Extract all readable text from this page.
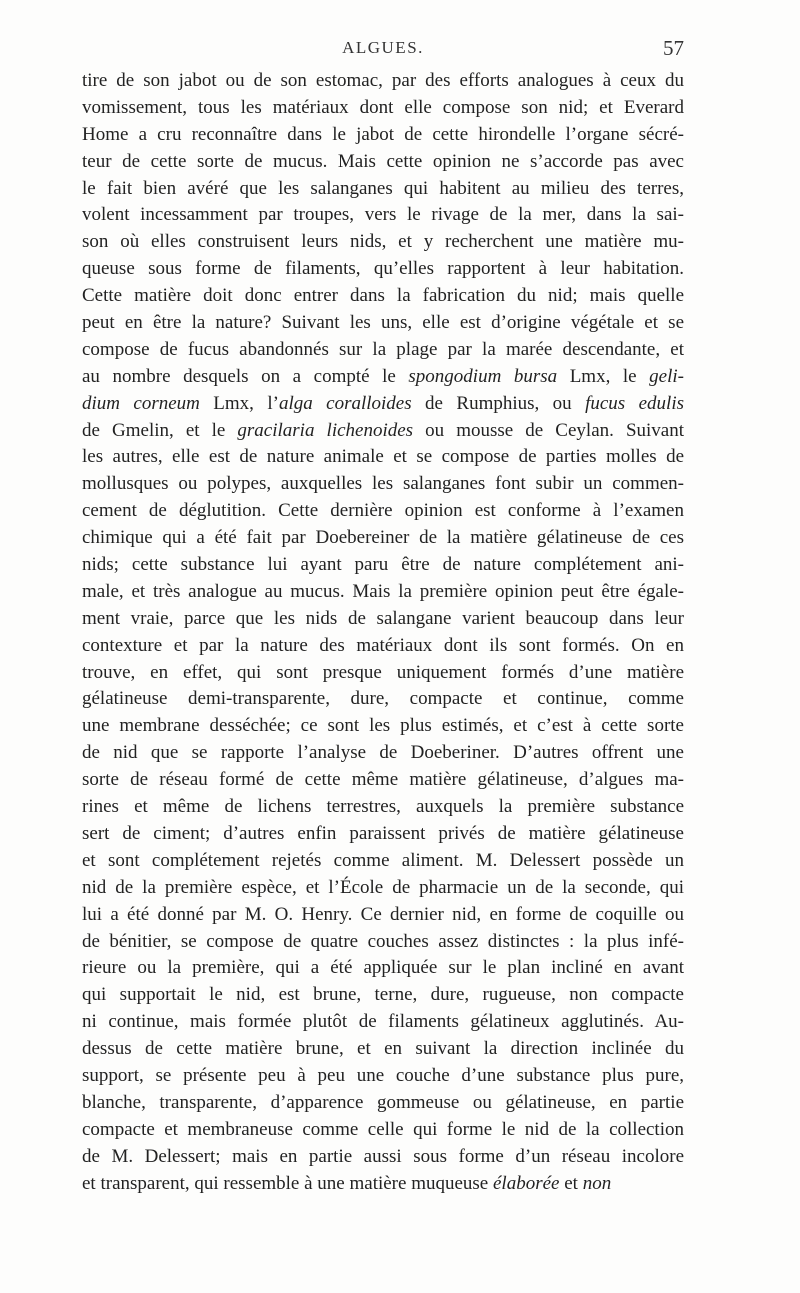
ALGUES.	57
tire de son jabot ou de son estomac, par des efforts analogues à ceux du
vomissement, tous les matériaux dont elle compose son nid; et Everard
Home a cru reconnaître dans le jabot de cette hirondelle l’organe sécré-
teur de cette sorte de mucus. Mais cette opinion ne s’accorde pas avec
le fait bien avéré que les salanganes qui habitent au milieu des terres,
volent incessamment par troupes, vers le rivage de la mer, dans la sai-
son où elles construisent leurs nids, et y recherchent une matière mu-
queuse sous forme de filaments, qu’elles rapportent à leur habitation.
Cette matière doit donc entrer dans la fabrication du nid; mais quelle
peut en être la nature? Suivant les uns, elle est d’origine végétale et se
compose de fucus abandonnés sur la plage par la marée descendante, et
au nombre desquels on a compté le spongodium bursa Lmx, le geli-
dium corneum Lmx, l’alga coralloides de Rumphius, ou fucus edulis
de Gmelin, et le gracilaria lichenoides ou mousse de Ceylan. Suivant
les autres, elle est de nature animale et se compose de parties molles de
mollusques ou polypes, auxquelles les salanganes font subir un commen-
cement de déglutition. Cette dernière opinion est conforme à l’examen
chimique qui a été fait par Doebereiner de la matière gélatineuse de ces
nids; cette substance lui ayant paru être de nature complétement ani-
male, et très analogue au mucus. Mais la première opinion peut être égale-
ment vraie, parce que les nids de salangane varient beaucoup dans leur
contexture et par la nature des matériaux dont ils sont formés. On en
trouve, en effet, qui sont presque uniquement formés d’une matière
gélatineuse demi-transparente, dure, compacte et continue, comme
une membrane desséchée; ce sont les plus estimés, et c’est à cette sorte
de nid que se rapporte l’analyse de Doeberiner. D’autres offrent une
sorte de réseau formé de cette même matière gélatineuse, d’algues ma-
rines et même de lichens terrestres, auxquels la première substance
sert de ciment; d’autres enfin paraissent privés de matière gélatineuse
et sont complétement rejetés comme aliment. M. Delessert possède un
nid de la première espèce, et l’École de pharmacie un de la seconde, qui
lui a été donné par M. O. Henry. Ce dernier nid, en forme de coquille ou
de bénitier, se compose de quatre couches assez distinctes : la plus infé-
rieure ou la première, qui a été appliquée sur le plan incliné en avant
qui supportait le nid, est brune, terne, dure, rugueuse, non compacte
ni continue, mais formée plutôt de filaments gélatineux agglutinés. Au-
dessus de cette matière brune, et en suivant la direction inclinée du
support, se présente peu à peu une couche d’une substance plus pure,
blanche, transparente, d’apparence gommeuse ou gélatineuse, en partie
compacte et membraneuse comme celle qui forme le nid de la collection
de M. Delessert; mais en partie aussi sous forme d’un réseau incolore
et transparent, qui ressemble à une matière muqueuse élaborée et non
